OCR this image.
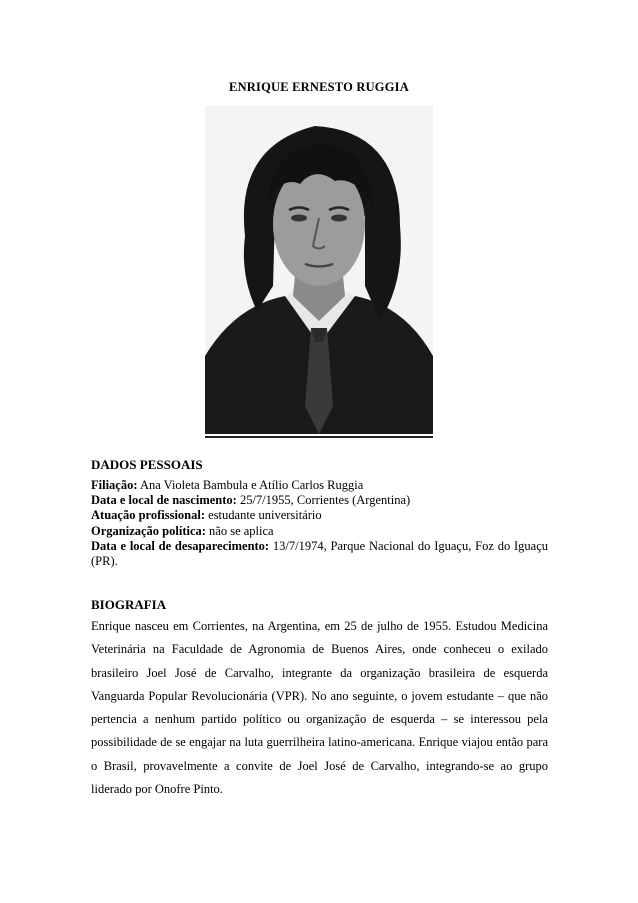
ENRIQUE ERNESTO RUGGIA
DADOS PESSOAIS
Filiação: Ana Violeta Bambula e Atílio Carlos Ruggia
Data e local de nascimento: 25/7/1955, Corrientes (Argentina)
Atuação profissional: estudante universitário
Organização política: não se aplica
Data e local de desaparecimento: 13/7/1974, Parque Nacional do Iguaçu, Foz do Iguaçu (PR).
BIOGRAFIA

Enrique nasceu em Corrientes, na Argentina, em 25 de julho de 1955. Estudou Medicina Veterinária na Faculdade de Agronomia de Buenos Aires, onde conheceu o exilado brasileiro Joel José de Carvalho, integrante da organização brasileira de esquerda Vanguarda Popular Revolucionária (VPR). No ano seguinte, o jovem estudante – que não pertencia a nenhum partido político ou organização de esquerda – se interessou pela possibilidade de se engajar na luta guerrilheira latino-americana. Enrique viajou então para o Brasil, provavelmente a convite de Joel José de Carvalho, integrando-se ao grupo liderado por Onofre Pinto.
